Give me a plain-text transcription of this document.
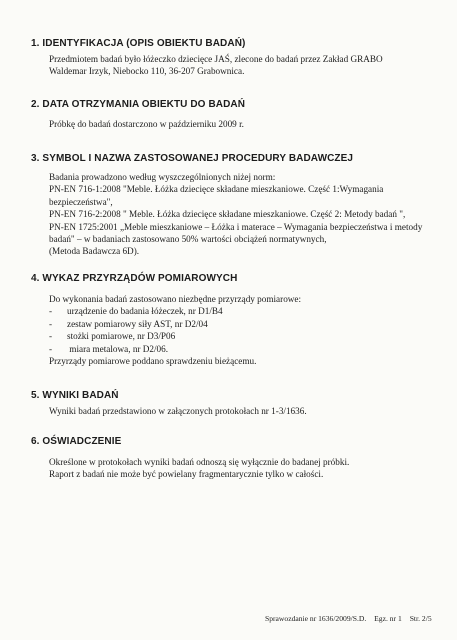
1. IDENTYFIKACJA (OPIS OBIEKTU BADAŃ)
Przedmiotem badań było łóżeczko dziecięce JAŚ, zlecone do badań przez Zakład GRABO
Waldemar Irzyk, Niebocko 110, 36-207 Grabownica.
2. DATA OTRZYMANIA OBIEKTU DO BADAŃ
Próbkę do badań dostarczono w październiku 2009 r.
3. SYMBOL I NAZWA ZASTOSOWANEJ PROCEDURY BADAWCZEJ
Badania prowadzono według wyszczególnionych niżej norm:
PN-EN 716-1:2008 "Meble. Łóżka dziecięce składane mieszkaniowe. Część 1:Wymagania
bezpieczeństwa",
PN-EN 716-2:2008 " Meble. Łóżka dziecięce składane mieszkaniowe. Część 2: Metody badań ",
PN-EN 1725:2001 „Meble mieszkaniowe – Łóżka i materace – Wymagania bezpieczeństwa i metody
badań" – w badaniach zastosowano 50% wartości obciążeń normatywnych,
(Metoda Badawcza 6D).
4. WYKAZ PRZYRZĄDÓW POMIAROWYCH
Do wykonania badań zastosowano niezbędne przyrządy pomiarowe:
- urządzenie do badania łóżeczek, nr D1/B4
- zestaw pomiarowy siły AST, nr D2/04
- stożki pomiarowe, nr D3/P06
- miara metalowa, nr D2/06.
Przyrządy pomiarowe poddano sprawdzeniu bieżącemu.
5. WYNIKI BADAŃ
Wyniki badań przedstawiono w załączonych protokołach nr 1-3/1636.
6. OŚWIADCZENIE
Określone w protokołach wyniki badań odnoszą się wyłącznie do badanej próbki.
Raport z badań nie może być powielany fragmentarycznie tylko w całości.
Sprawozdanie nr 1636/2009/S.D. Egz. nr 1 Str. 2/5
